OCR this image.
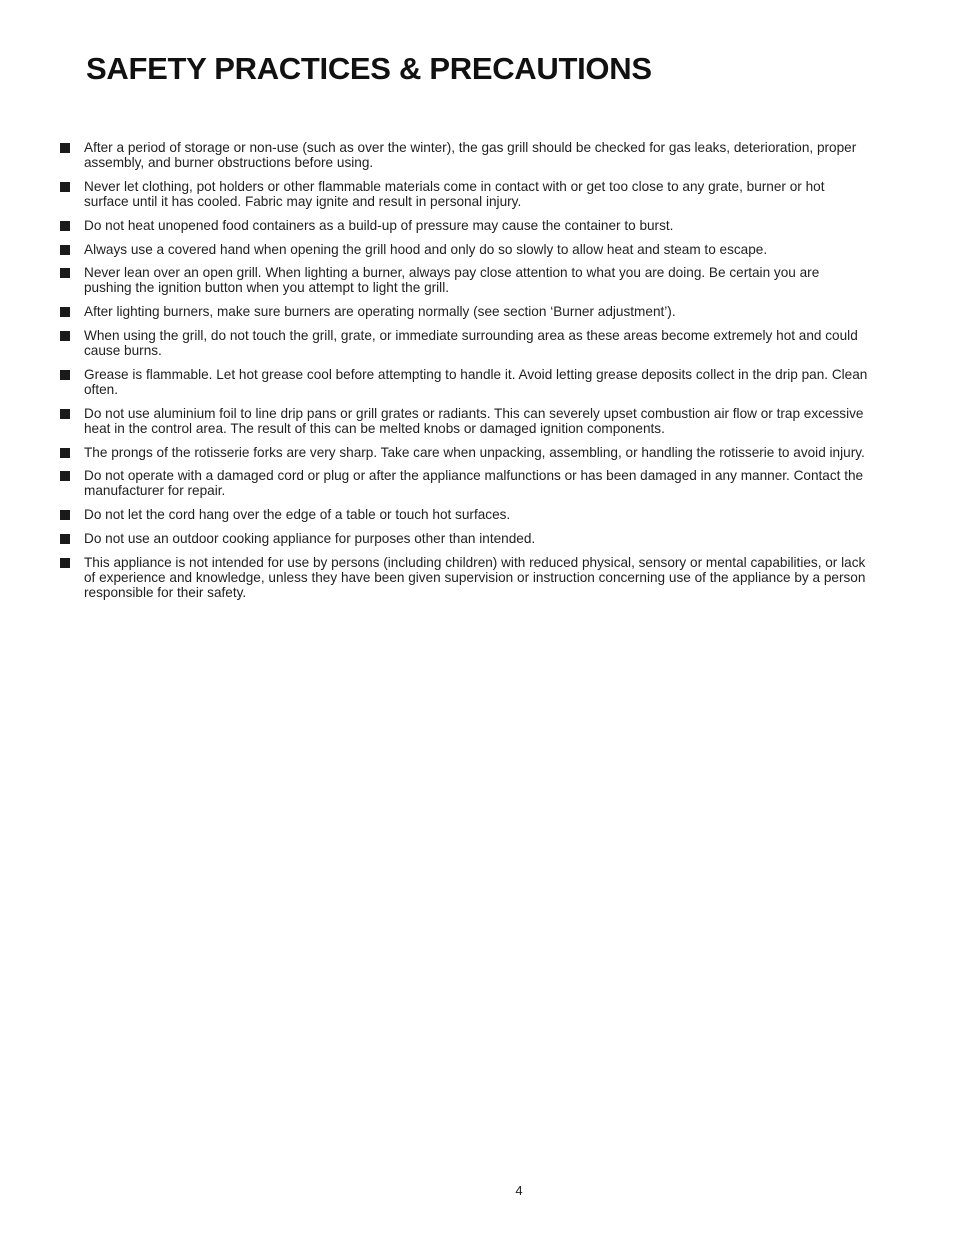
SAFETY PRACTICES & PRECAUTIONS
After a period of storage or non-use (such as over the winter), the gas grill should be checked for gas leaks, deterioration, proper assembly, and burner obstructions before using.
Never let clothing, pot holders or other flammable materials come in contact with or get too close to any grate, burner or hot surface until it has cooled. Fabric may ignite and result in personal injury.
Do not heat unopened food containers as a build-up of pressure may cause the container to burst.
Always use a covered hand when opening the grill hood and only do so slowly to allow heat and steam to escape.
Never lean over an open grill. When lighting a burner, always pay close attention to what you are doing. Be certain you are pushing the ignition button when you attempt to light the grill.
After lighting burners, make sure burners are operating normally (see section ‘Burner adjustment’).
When using the grill, do not touch the grill, grate, or immediate surrounding area as these areas become extremely hot and could cause burns.
Grease is flammable. Let hot grease cool before attempting to handle it. Avoid letting grease deposits collect in the drip pan. Clean often.
Do not use aluminium foil to line drip pans or grill grates or radiants. This can severely upset combustion air flow or trap excessive heat in the control area. The result of this can be melted knobs or damaged ignition components.
The prongs of the rotisserie forks are very sharp. Take care when unpacking, assembling, or handling the rotisserie to avoid injury.
Do not operate with a damaged cord or plug or after the appliance malfunctions or has been damaged in any manner. Contact the manufacturer for repair.
Do not let the cord hang over the edge of a table or touch hot surfaces.
Do not use an outdoor cooking appliance for purposes other than intended.
This appliance is not intended for use by persons (including children) with reduced physical, sensory or mental capabilities, or lack of experience and knowledge, unless they have been given supervision or instruction concerning use of the appliance by a person responsible for their safety.
4
